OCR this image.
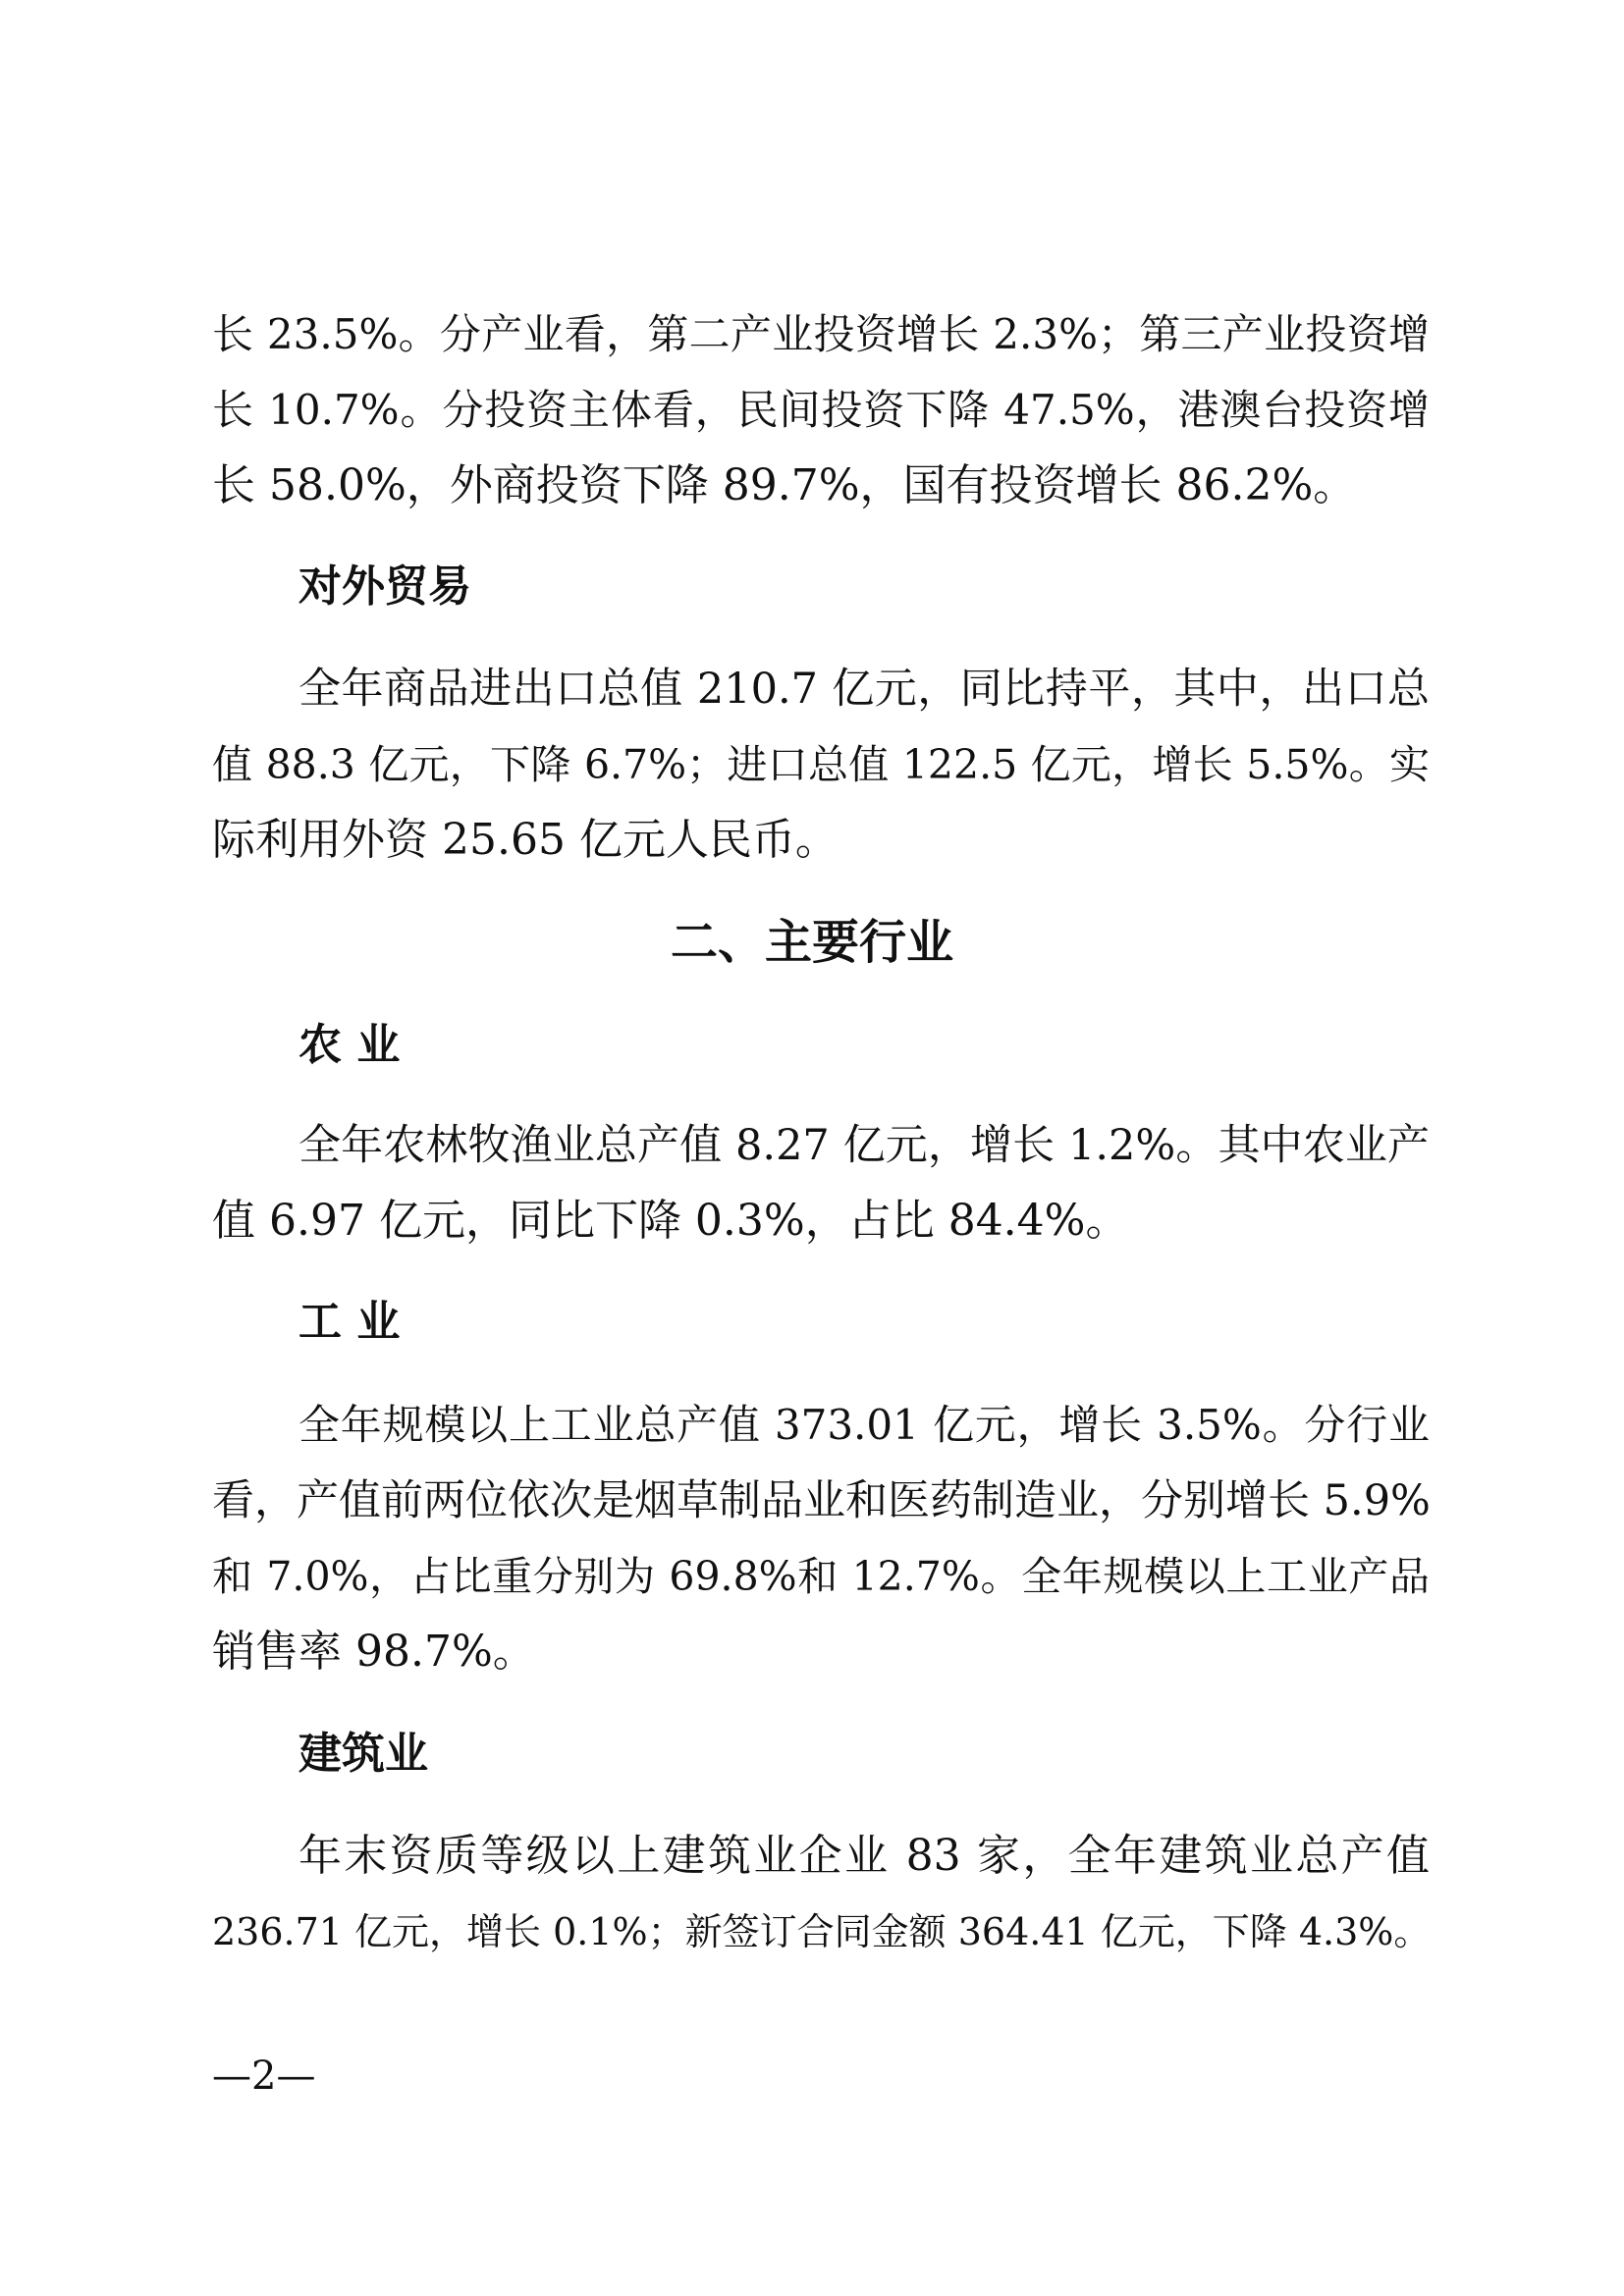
长 23.5%。分产业看，第二产业投资增长 2.3%；第三产业投资增
长 10.7%。分投资主体看，民间投资下降 47.5%，港澳台投资增
长 58.0%，外商投资下降 89.7%，国有投资增长 86.2%。
对外贸易
全年商品进出口总值 210.7 亿元，同比持平，其中，出口总
值 88.3 亿元，下降 6.7%；进口总值 122.5 亿元，增长 5.5%。实
际利用外资 25.65 亿元人民币。
二、主要行业
农 业
全年农林牧渔业总产值 8.27 亿元，增长 1.2%。其中农业产
值 6.97 亿元，同比下降 0.3%，占比 84.4%。
工 业
全年规模以上工业总产值 373.01 亿元，增长 3.5%。分行业
看，产值前两位依次是烟草制品业和医药制造业，分别增长 5.9%
和 7.0%，占比重分别为 69.8%和 12.7%。全年规模以上工业产品
销售率 98.7%。
建筑业
年末资质等级以上建筑业企业 83 家，全年建筑业总产值
236.71 亿元，增长 0.1%；新签订合同金额 364.41 亿元，下降 4.3%。
—2—
